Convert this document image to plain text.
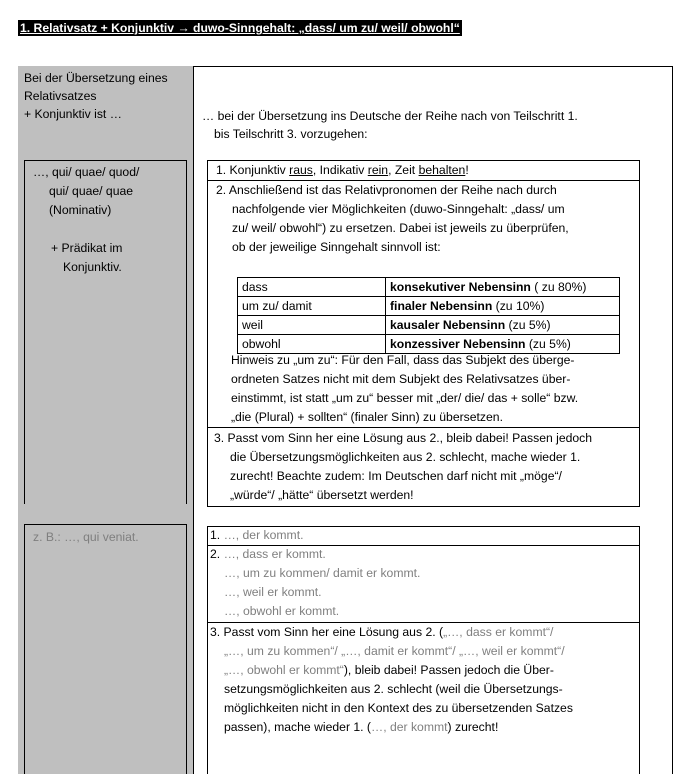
1. Relativsatz + Konjunktiv → duwo-Sinngehalt: „dass/ um zu/ weil/ obwohl“
Bei der Übersetzung eines
Relativsatzes
+ Konjunktiv ist …	… bei der Übersetzung ins Deutsche der Reihe nach von Teilschritt 1.
bis Teilschritt 3. vorzugehen:
…, qui/ quae/ quod/
qui/ quae/ quae
(Nominativ)
+ Prädikat im
Konjunktiv.
1. Konjunktiv raus, Indikativ rein, Zeit behalten!
2. Anschließend ist das Relativpronomen der Reihe nach durch
nachfolgende vier Möglichkeiten (duwo-Sinngehalt: „dass/ um
zu/ weil/ obwohl“) zu ersetzen. Dabei ist jeweils zu überprüfen,
ob der jeweilige Sinngehalt sinnvoll ist:
dass	konsekutiver Nebensinn ( zu 80%)
um zu/ damit	finaler Nebensinn (zu 10%)
weil	kausaler Nebensinn (zu 5%)
obwohl	konzessiver Nebensinn (zu 5%)
Hinweis zu „um zu“: Für den Fall, dass das Subjekt des überge-
ordneten Satzes nicht mit dem Subjekt des Relativsatzes über-
einstimmt, ist statt „um zu“ besser mit „der/ die/ das + solle“ bzw.
„die (Plural) + sollten“ (finaler Sinn) zu übersetzen.
3. Passt vom Sinn her eine Lösung aus 2., bleib dabei! Passen jedoch
die Übersetzungsmöglichkeiten aus 2. schlecht, mache wieder 1.
zurecht! Beachte zudem: Im Deutschen darf nicht mit „möge“/
„würde“/ „hätte“ übersetzt werden!
z. B.: …, qui veniat.	1. …, der kommt.
2. …, dass er kommt.
…, um zu kommen/ damit er kommt.
…, weil er kommt.
…, obwohl er kommt.
3. Passt vom Sinn her eine Lösung aus 2. („…, dass er kommt“/
„…, um zu kommen“/ „…, damit er kommt“/ „…, weil er kommt“/
„…, obwohl er kommt“), bleib dabei! Passen jedoch die Über-
setzungsmöglichkeiten aus 2. schlecht (weil die Übersetzungs-
möglichkeiten nicht in den Kontext des zu übersetzenden Satzes
passen), mache wieder 1. (…, der kommt) zurecht!
